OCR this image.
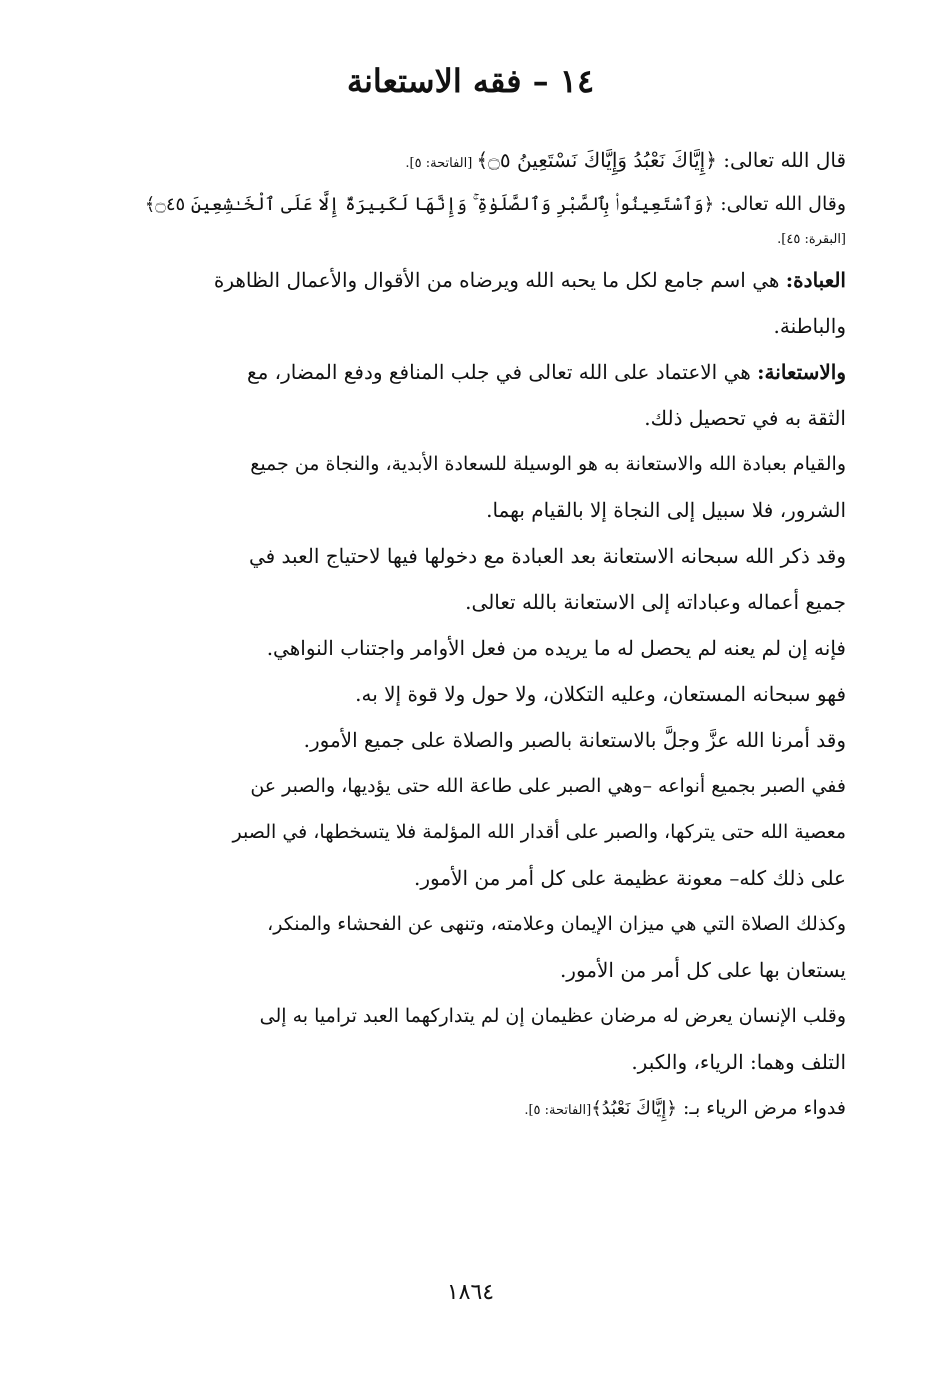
١٤ – فقه الاستعانة

قال الله تعالى: ﴿إِيَّاكَ نَعْبُدُ وَإِيَّاكَ نَسْتَعِينُ ۝٥﴾ [الفاتحة: ٥].

وقال الله تعالى: ﴿وَٱسْتَعِينُوا۟ بِٱلصَّبْرِ وَٱلصَّلَوٰةِ ۚ وَإِنَّهَا لَكَبِيرَةٌ إِلَّا عَلَى ٱلْخَـٰشِعِينَ ۝٤٥﴾

[البقرة: ٤٥].

العبادة: هي اسم جامع لكل ما يحبه الله ويرضاه من الأقوال والأعمال الظاهرة

والباطنة.

والاستعانة: هي الاعتماد على الله تعالى في جلب المنافع ودفع المضار، مع

الثقة به في تحصيل ذلك.

والقيام بعبادة الله والاستعانة به هو الوسيلة للسعادة الأبدية، والنجاة من جميع

الشرور، فلا سبيل إلى النجاة إلا بالقيام بهما.

وقد ذكر الله سبحانه الاستعانة بعد العبادة مع دخولها فيها لاحتياج العبد في

جميع أعماله وعباداته إلى الاستعانة بالله تعالى.

فإنه إن لم يعنه لم يحصل له ما يريده من فعل الأوامر واجتناب النواهي.

فهو سبحانه المستعان، وعليه التكلان، ولا حول ولا قوة إلا به.

وقد أمرنا الله عزَّ وجلَّ بالاستعانة بالصبر والصلاة على جميع الأمور.

ففي الصبر بجميع أنواعه –وهي الصبر على طاعة الله حتى يؤديها، والصبر عن

معصية الله حتى يتركها، والصبر على أقدار الله المؤلمة فلا يتسخطها، في الصبر

على ذلك كله– معونة عظيمة على كل أمر من الأمور.

وكذلك الصلاة التي هي ميزان الإيمان وعلامته، وتنهى عن الفحشاء والمنكر،

يستعان بها على كل أمر من الأمور.

وقلب الإنسان يعرض له مرضان عظيمان إن لم يتداركهما العبد تراميا به إلى

التلف وهما: الرياء، والكبر.

فدواء مرض الرياء بـ: ﴿إِيَّاكَ نَعْبُدُ﴾[الفاتحة: ٥].

١٨٦٤
